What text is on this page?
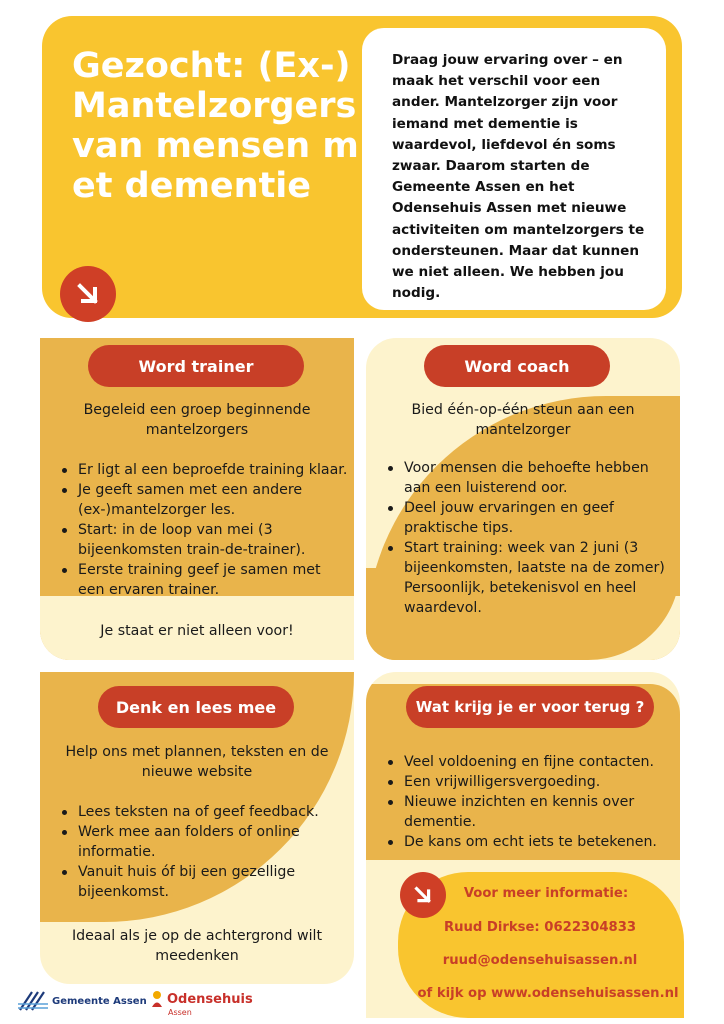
Gezocht: (Ex-)Mantelzorgers van mensen met dementie

Draag jouw ervaring over – en maak het verschil voor een ander. Mantelzorger zijn voor iemand met dementie is waardevol, liefdevol én soms zwaar. Daarom starten de Gemeente Assen en het Odensehuis Assen met nieuwe activiteiten om mantelzorgers te ondersteunen. Maar dat kunnen we niet alleen. We hebben jou nodig.

Word trainer
Begeleid een groep beginnende mantelzorgers
Er ligt al een beproefde training klaar.
Je geeft samen met een andere (ex-)mantelzorger les.
Start: in de loop van mei (3 bijeenkomsten train-de-trainer).
Eerste training geef je samen met een ervaren trainer.
Je staat er niet alleen voor!
Word coach
Bied één-op-één steun aan een mantelzorger
Voor mensen die behoefte hebben aan een luisterend oor.
Deel jouw ervaringen en geef praktische tips.
Start training: week van 2 juni (3 bijeenkomsten, laatste na de zomer) Persoonlijk, betekenisvol en heel waardevol.
Denk en lees mee
Help ons met plannen, teksten en de nieuwe website
Lees teksten na of geef feedback.
Werk mee aan folders of online informatie.
Vanuit huis óf bij een gezellige bijeenkomst.
Ideaal als je op de achtergrond wilt meedenken
Wat krijg je er voor terug ?
Veel voldoening en fijne contacten.
Een vrijwilligersvergoeding.
Nieuwe inzichten en kennis over dementie.
De kans om echt iets te betekenen.
Voor meer informatie:
Ruud Dirkse: 0622304833
ruud@odensehuisassen.nl
of kijk op www.odensehuisassen.nl
Gemeente Assen Odensehuis
Assen
